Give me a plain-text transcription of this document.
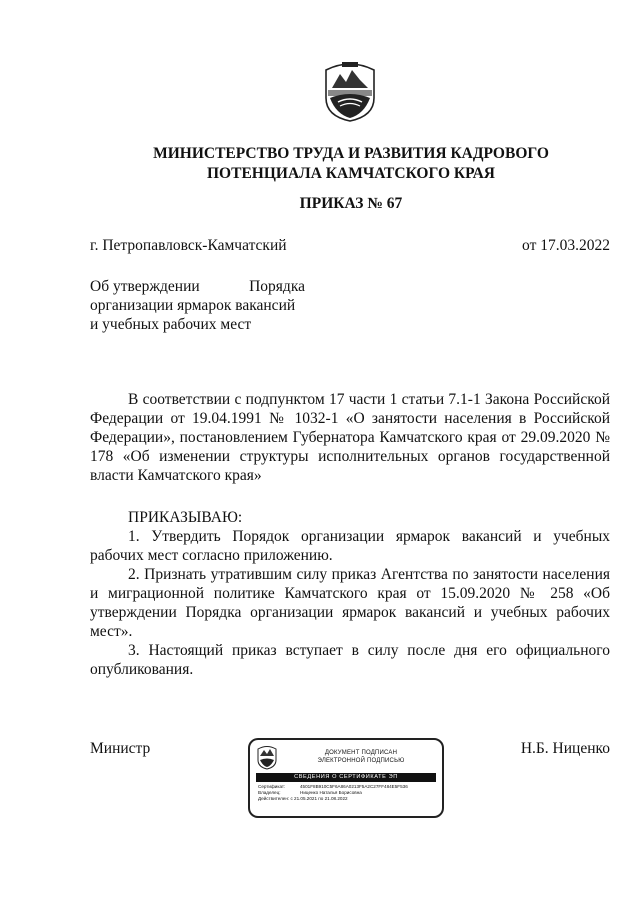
МИНИСТЕРСТВО ТРУДА И РАЗВИТИЯ КАДРОВОГО
ПОТЕНЦИАЛА КАМЧАТСКОГО КРАЯ
ПРИКАЗ № 67
г. Петропавловск-Камчатский	от 17.03.2022
Об утверждении	Порядка
организации ярмарок вакансий
и учебных рабочих мест

В соответствии с подпунктом 17 части 1 статьи 7.1-1 Закона Российской Федерации от 19.04.1991 № 1032-1 «О занятости населения в Российской Федерации», постановлением Губернатора Камчатского края от 29.09.2020 № 178 «Об изменении структуры исполнительных органов государственной власти Камчатского края»

ПРИКАЗЫВАЮ:

1. Утвердить Порядок организации ярмарок вакансий и учебных рабочих мест согласно приложению.

2. Признать утратившим силу приказ Агентства по занятости населения и миграционной политике Камчатского края от 15.09.2020 № 258 «Об утверждении Порядка организации ярмарок вакансий и учебных рабочих мест».

3. Настоящий приказ вступает в силу после дня его официального опубликования.

Министр	Н.Б. Ниценко
ДОКУМЕНТ ПОДПИСАН
ЭЛЕКТРОННОЙ ПОДПИСЬЮ
СВЕДЕНИЯ О СЕРТИФИКАТЕ ЭП
Сертификат:	4501F8B910C5F6A86A0213F5A2C27FF484E5F536
Владелец:	Ниценко Наталья Борисовна
Действителен: с 21.05.2021 по 21.08.2022
